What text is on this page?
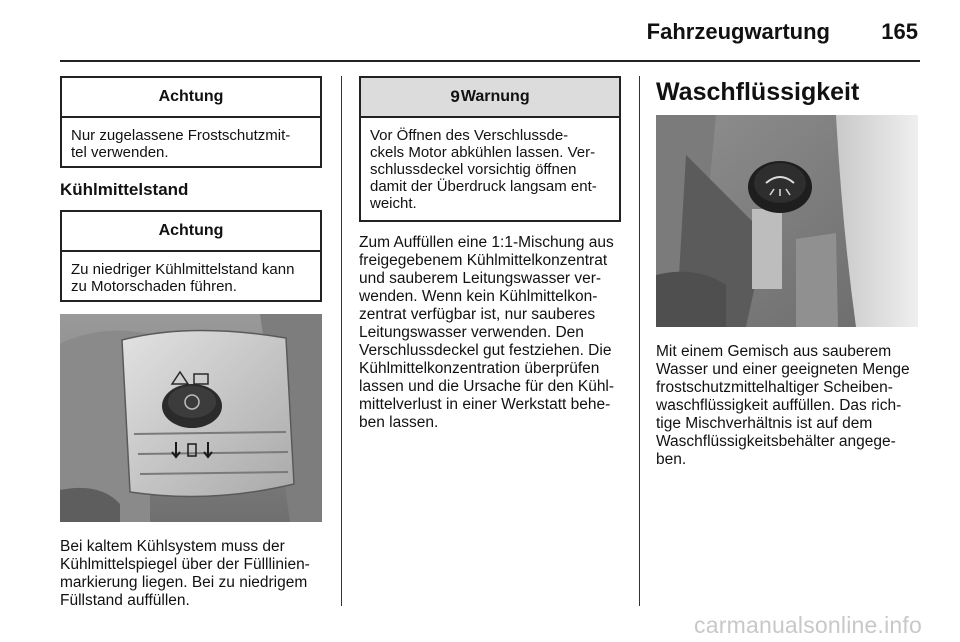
Fahrzeugwartung 165
Achtung
Nur zugelassene Frostschutzmit-
tel verwenden.
Kühlmittelstand
Achtung
Zu niedriger Kühlmittelstand kann
zu Motorschaden führen.
Bei kaltem Kühlsystem muss der
Kühlmittelspiegel über der Fülllinien-
markierung liegen. Bei zu niedrigem
Füllstand auffüllen.
9 Warnung
Vor Öffnen des Verschlussde-
ckels Motor abkühlen lassen. Ver-
schlussdeckel vorsichtig öffnen
damit der Überdruck langsam ent-
weicht.
Zum Auffüllen eine 1:1-Mischung aus
freigegebenem Kühlmittelkonzentrat
und sauberem Leitungswasser ver-
wenden. Wenn kein Kühlmittelkon-
zentrat verfügbar ist, nur sauberes
Leitungswasser verwenden. Den
Verschlussdeckel gut festziehen. Die
Kühlmittelkonzentration überprüfen
lassen und die Ursache für den Kühl-
mittelverlust in einer Werkstatt behe-
ben lassen.
Waschflüssigkeit
Mit einem Gemisch aus sauberem
Wasser und einer geeigneten Menge
frostschutzmittelhaltiger Scheiben-
waschflüssigkeit auffüllen. Das rich-
tige Mischverhältnis ist auf dem
Waschflüssigkeitsbehälter angege-
ben.
carmanualsonline.info
